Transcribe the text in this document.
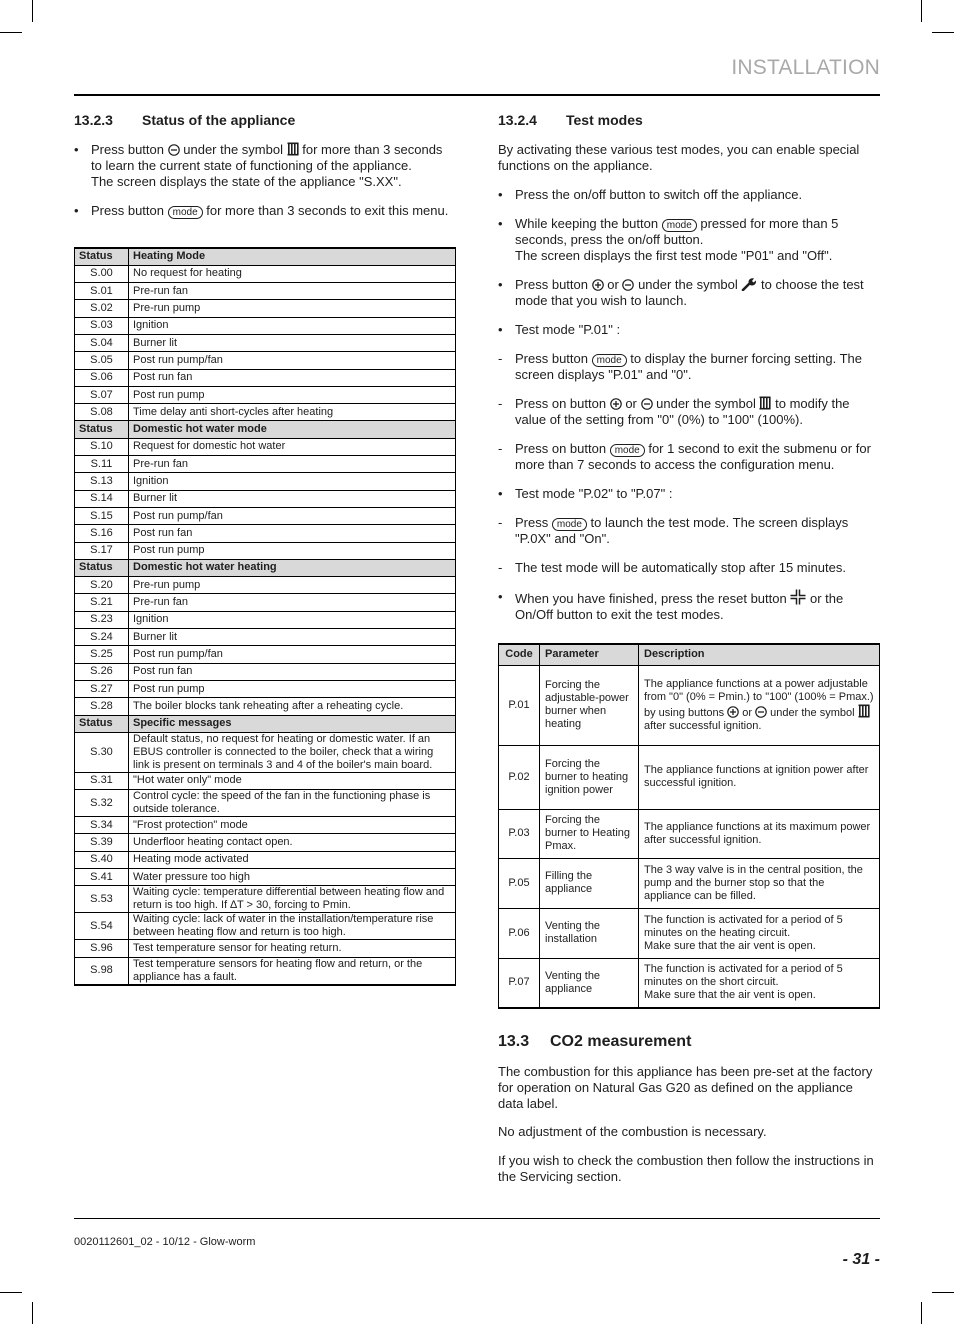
INSTALLATION
13.2.3	Status of the appliance
• Press button under the symbol for more than 3 seconds to learn the current state of functioning of the appliance.
The screen displays the state of the appliance "S.XX".
• Press button mode for more than 3 seconds to exit this menu.
Status	Heating Mode
S.00	No request for heating
S.01	Pre-run fan
S.02	Pre-run pump
S.03	Ignition
S.04	Burner lit
S.05	Post run pump/fan
S.06	Post run fan
S.07	Post run pump
S.08	Time delay anti short-cycles after heating
Status	Domestic hot water mode
S.10	Request for domestic hot water
S.11	Pre-run fan
S.13	Ignition
S.14	Burner lit
S.15	Post run pump/fan
S.16	Post run fan
S.17	Post run pump
Status	Domestic hot water heating
S.20	Pre-run pump
S.21	Pre-run fan
S.23	Ignition
S.24	Burner lit
S.25	Post run pump/fan
S.26	Post run fan
S.27	Post run pump
S.28	The boiler blocks tank reheating after a reheating cycle.
Status	Specific messages
S.30	Default status, no request for heating or domestic water. If an EBUS controller is connected to the boiler, check that a wiring link is present on terminals 3 and 4 of the boiler's main board.
S.31	"Hot water only" mode
S.32	Control cycle: the speed of the fan in the functioning phase is outside tolerance.
S.34	"Frost protection" mode
S.39	Underfloor heating contact open.
S.40	Heating mode activated
S.41	Water pressure too high
S.53	Waiting cycle: temperature differential between heating flow and return is too high. If ∆T > 30, forcing to Pmin.
S.54	Waiting cycle: lack of water in the installation/temperature rise between heating flow and return is too high.
S.96	Test temperature sensor for heating return.
S.98	Test temperature sensors for heating flow and return, or the appliance has a fault.
13.2.4	Test modes

By activating these various test modes, you can enable special functions on the appliance.

• Press the on/off button to switch off the appliance.
• While keeping the button mode pressed for more than 5 seconds, press the on/off button.
The screen displays the first test mode "P01" and "Off".
• Press button or under the symbol to choose the test mode that you wish to launch.
• Test mode "P.01" :
- Press button mode to display the burner forcing setting. The screen displays "P.01" and "0".
- Press on button or under the symbol to modify the value of the setting from "0" (0%) to "100" (100%).
- Press on button mode for 1 second to exit the submenu or for more than 7 seconds to access the configuration menu.
• Test mode "P.02" to "P.07" :
- Press mode to launch the test mode. The screen displays "P.0X" and "On".
- The test mode will be automatically stop after 15 minutes.
• When you have finished, press the reset button or the On/Off button to exit the test modes.
Code	Parameter	Description
P.01	Forcing the adjustable-power burner when heating	The appliance functions at a power adjustable from "0" (0% = Pmin.) to "100" (100% = Pmax.) by using buttons or under the symbol
after successful ignition.
P.02	Forcing the burner to heating ignition power	The appliance functions at ignition power after successful ignition.
P.03	Forcing the burner to Heating Pmax.	The appliance functions at its maximum power after successful ignition.
P.05	Filling the appliance	The 3 way valve is in the central position, the pump and the burner stop so that the appliance can be filled.
P.06	Venting the installation	The function is activated for a period of 5 minutes on the heating circuit.
Make sure that the air vent is open.
P.07	Venting the appliance	The function is activated for a period of 5 minutes on the short circuit.
Make sure that the air vent is open.
13.3	CO2 measurement

The combustion for this appliance has been pre-set at the factory for operation on Natural Gas G20 as defined on the appliance data label.

No adjustment of the combustion is necessary.

If you wish to check the combustion then follow the instructions in the Servicing section.

0020112601_02 - 10/12 - Glow-worm
- 31 -
